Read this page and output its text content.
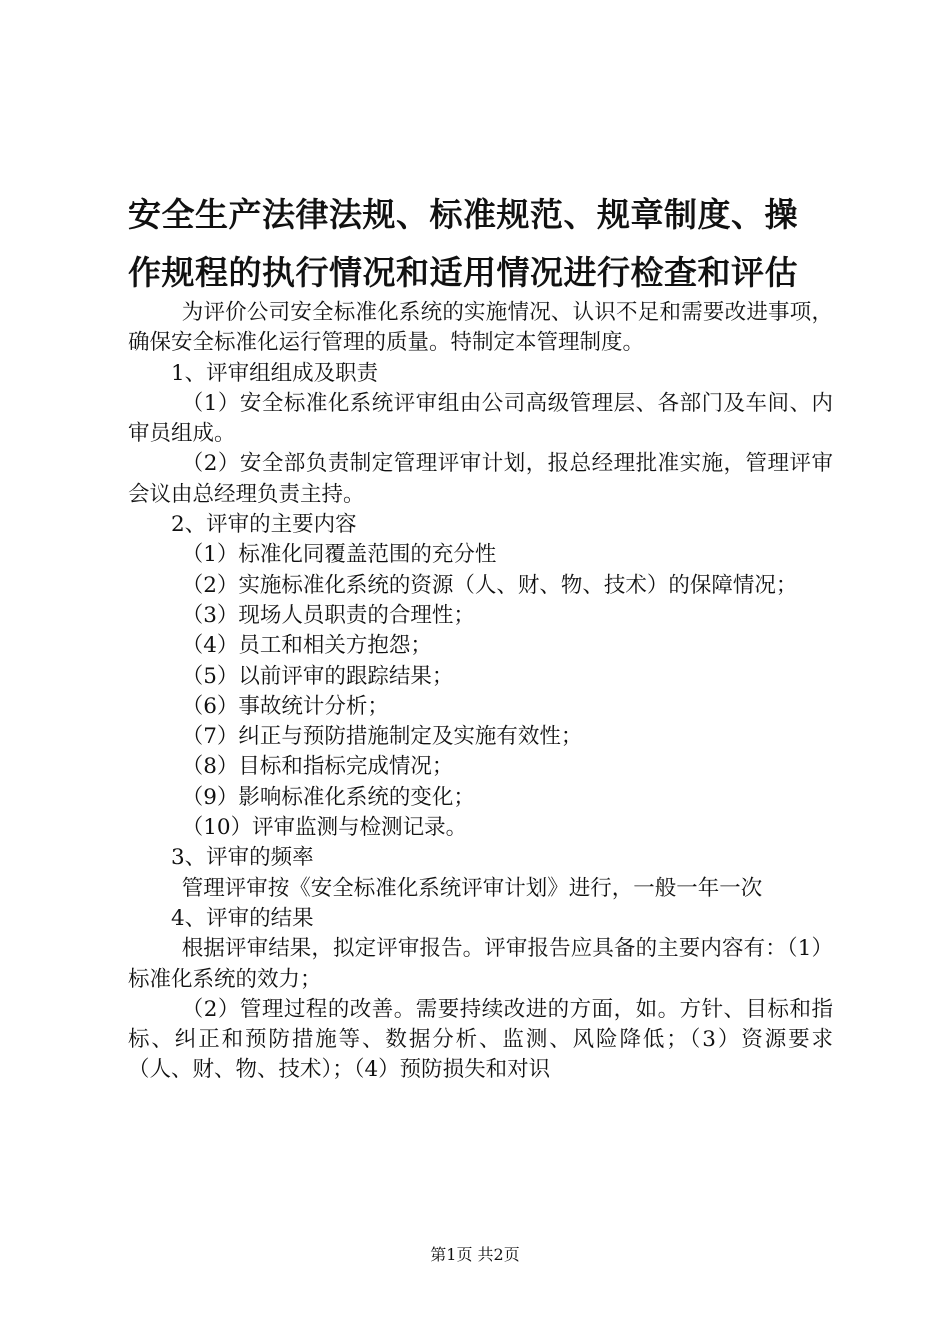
安全生产法律法规、标准规范、规章制度、操
作规程的执行情况和适用情况进行检查和评估

为评价公司安全标准化系统的实施情况、认识不足和需要改进事项，确保安全标准化运行管理的质量。特制定本管理制度。

1、评审组组成及职责

（1）安全标准化系统评审组由公司高级管理层、各部门及车间、内审员组成。

（2）安全部负责制定管理评审计划，报总经理批准实施，管理评审会议由总经理负责主持。

2、评审的主要内容

（1）标准化同覆盖范围的充分性

（2）实施标准化系统的资源（人、财、物、技术）的保障情况；

（3）现场人员职责的合理性；

（4）员工和相关方抱怨；

（5）以前评审的跟踪结果；

（6）事故统计分析；

（7）纠正与预防措施制定及实施有效性；

（8）目标和指标完成情况；

（9）影响标准化系统的变化；

（10）评审监测与检测记录。

3、评审的频率

管理评审按《安全标准化系统评审计划》进行，一般一年一次

4、评审的结果

根据评审结果，拟定评审报告。评审报告应具备的主要内容有：（1）标准化系统的效力；

（2）管理过程的改善。需要持续改进的方面，如。方针、目标和指标、纠正和预防措施等、数据分析、监测、风险降低；（3）资源要求（人、财、物、技术）；（4）预防损失和对识

第1页 共2页
